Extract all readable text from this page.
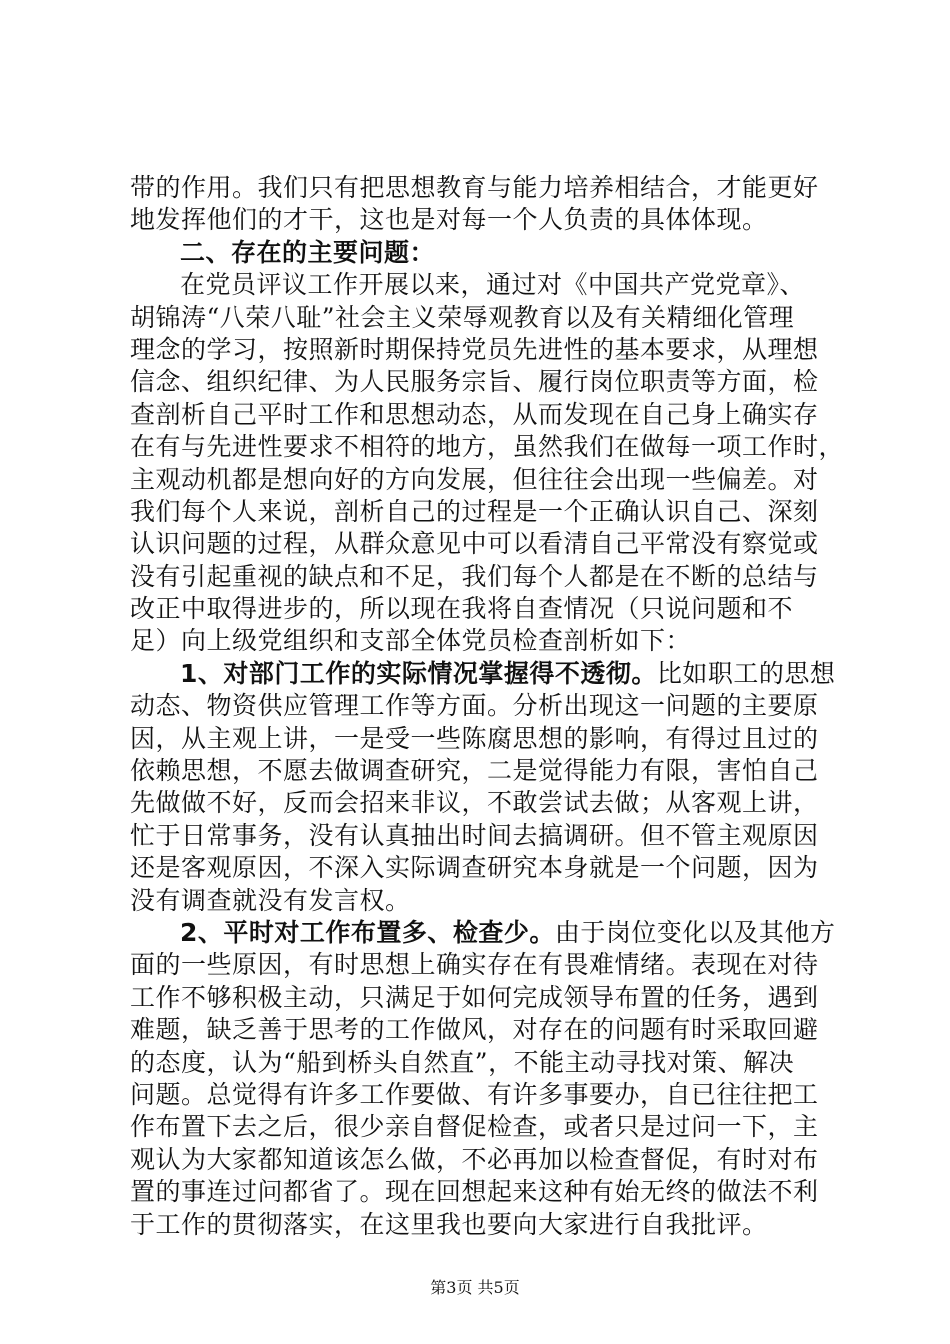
带的作用。我们只有把思想教育与能力培养相结合，才能更好
地发挥他们的才干，这也是对每一个人负责的具体体现。
二、存在的主要问题：
在党员评议工作开展以来，通过对《中国共产党党章》、
胡锦涛“八荣八耻”社会主义荣辱观教育以及有关精细化管理
理念的学习，按照新时期保持党员先进性的基本要求，从理想
信念、组织纪律、为人民服务宗旨、履行岗位职责等方面，检
查剖析自己平时工作和思想动态，从而发现在自己身上确实存
在有与先进性要求不相符的地方，虽然我们在做每一项工作时，
主观动机都是想向好的方向发展，但往往会出现一些偏差。对
我们每个人来说，剖析自己的过程是一个正确认识自己、深刻
认识问题的过程，从群众意见中可以看清自己平常没有察觉或
没有引起重视的缺点和不足，我们每个人都是在不断的总结与
改正中取得进步的，所以现在我将自查情况（只说问题和不
足）向上级党组织和支部全体党员检查剖析如下：
1、对部门工作的实际情况掌握得不透彻。比如职工的思想
动态、物资供应管理工作等方面。分析出现这一问题的主要原
因，从主观上讲，一是受一些陈腐思想的影响，有得过且过的
依赖思想，不愿去做调查研究，二是觉得能力有限，害怕自己
先做做不好，反而会招来非议，不敢尝试去做；从客观上讲，
忙于日常事务，没有认真抽出时间去搞调研。但不管主观原因
还是客观原因，不深入实际调查研究本身就是一个问题，因为
没有调查就没有发言权。
2、平时对工作布置多、检查少。由于岗位变化以及其他方
面的一些原因，有时思想上确实存在有畏难情绪。表现在对待
工作不够积极主动，只满足于如何完成领导布置的任务，遇到
难题，缺乏善于思考的工作做风，对存在的问题有时采取回避
的态度，认为“船到桥头自然直”，不能主动寻找对策、解决
问题。总觉得有许多工作要做、有许多事要办，自已往往把工
作布置下去之后，很少亲自督促检查，或者只是过问一下，主
观认为大家都知道该怎么做，不必再加以检查督促，有时对布
置的事连过问都省了。现在回想起来这种有始无终的做法不利
于工作的贯彻落实，在这里我也要向大家进行自我批评。
第3页 共5页
